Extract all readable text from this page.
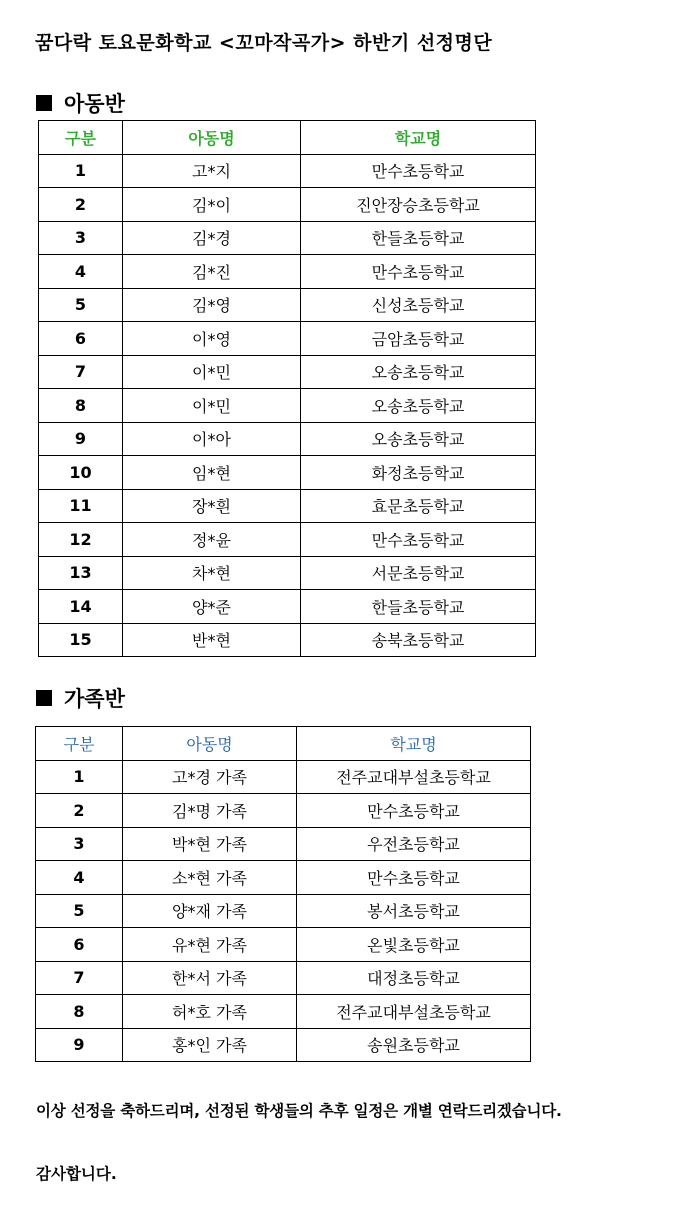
꿈다락 토요문화학교 <꼬마작곡가> 하반기 선정명단
아동반
구분	아동명	학교명
1	고*지	만수초등학교
2	김*이	진안장승초등학교
3	김*경	한들초등학교
4	김*진	만수초등학교
5	김*영	신성초등학교
6	이*영	금암초등학교
7	이*민	오송초등학교
8	이*민	오송초등학교
9	이*아	오송초등학교
10	임*현	화정초등학교
11	장*흰	효문초등학교
12	정*윤	만수초등학교
13	차*현	서문초등학교
14	양*준	한들초등학교
15	반*현	송북초등학교
가족반
구분	아동명	학교명
1	고*경 가족	전주교대부설초등학교
2	김*명 가족	만수초등학교
3	박*현 가족	우전초등학교
4	소*현 가족	만수초등학교
5	양*재 가족	봉서초등학교
6	유*현 가족	온빛초등학교
7	한*서 가족	대정초등학교
8	허*호 가족	전주교대부설초등학교
9	홍*인 가족	송원초등학교
이상 선정을 축하드리며, 선정된 학생들의 추후 일정은 개별 연락드리겠습니다.
감사합니다.
